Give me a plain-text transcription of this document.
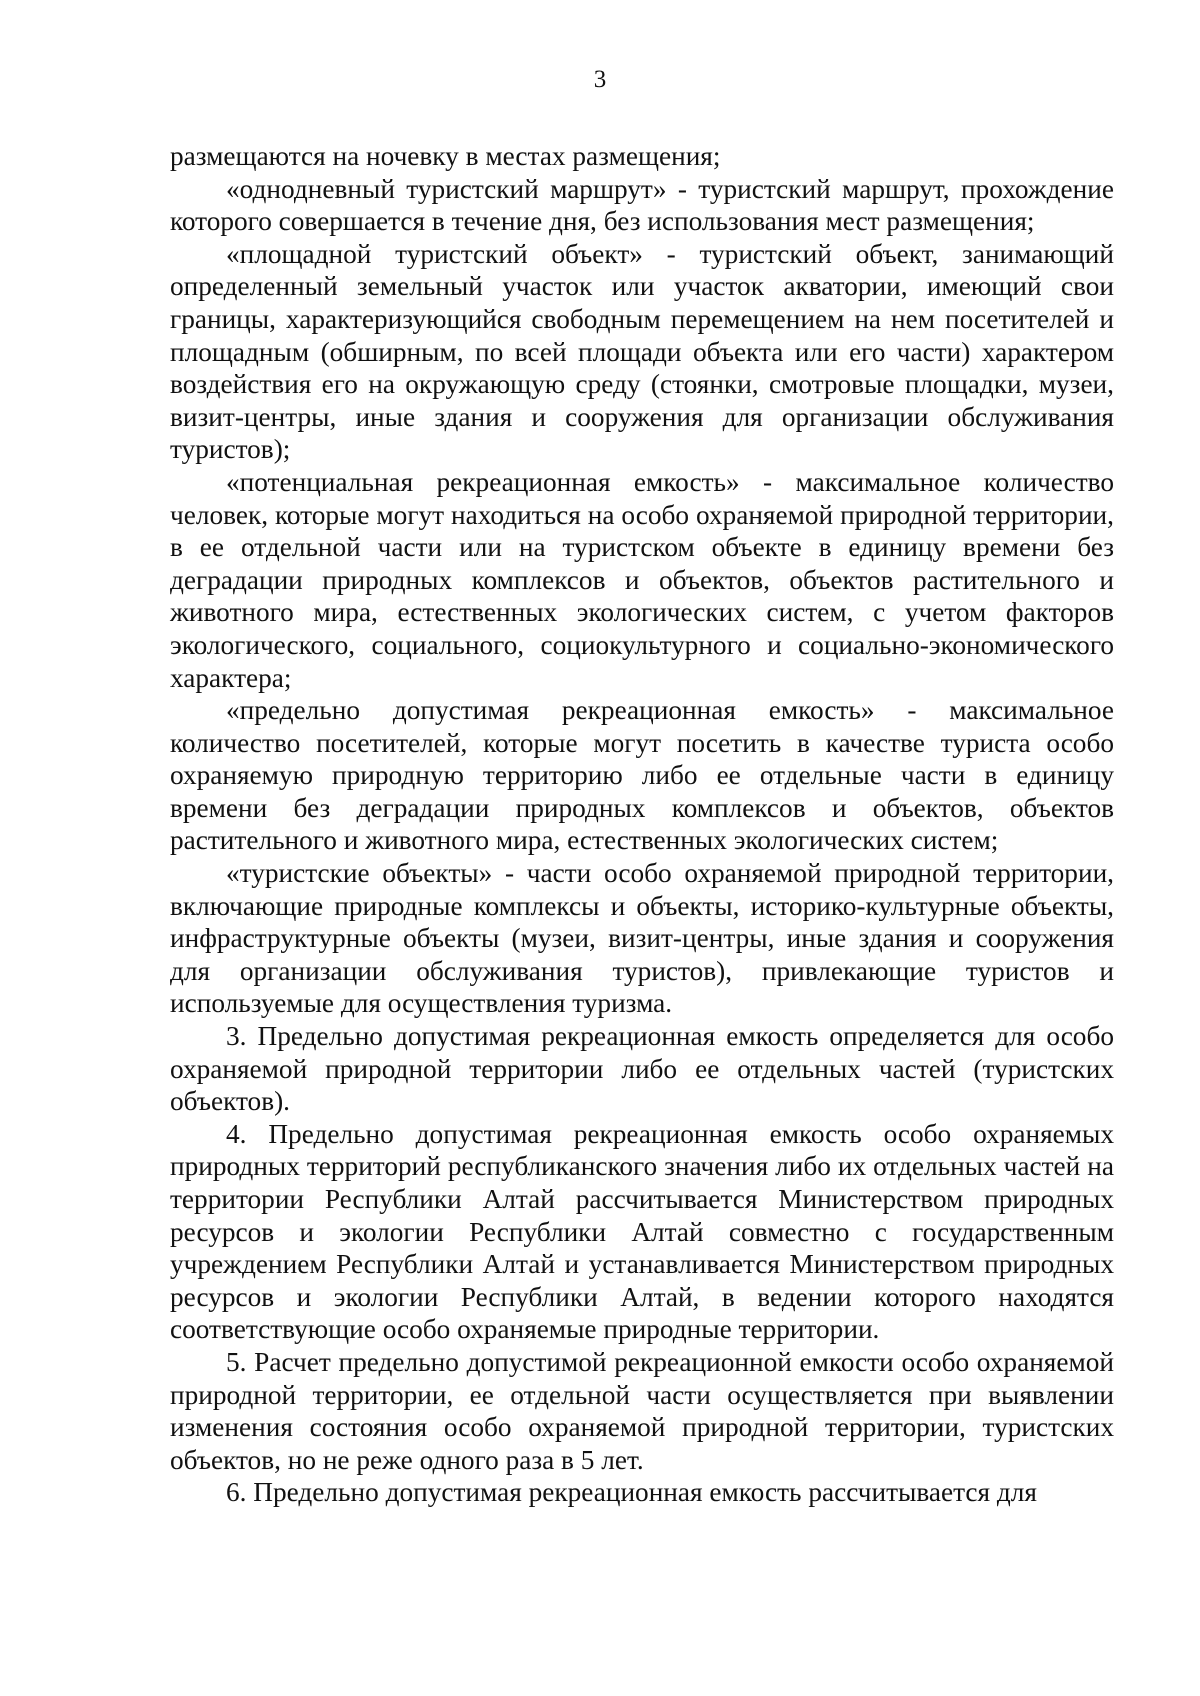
3

размещаются на ночевку в местах размещения;

«однодневный туристский маршрут» - туристский маршрут, прохождение которого совершается в течение дня, без использования мест размещения;

«площадной туристский объект» - туристский объект, занимающий определенный земельный участок или участок акватории, имеющий свои границы, характеризующийся свободным перемещением на нем посетителей и площадным (обширным, по всей площади объекта или его части) характером воздействия его на окружающую среду (стоянки, смотровые площадки, музеи, визит-центры, иные здания и сооружения для организации обслуживания туристов);

«потенциальная рекреационная емкость» - максимальное количество человек, которые могут находиться на особо охраняемой природной территории, в ее отдельной части или на туристском объекте в единицу времени без деградации природных комплексов и объектов, объектов растительного и животного мира, естественных экологических систем, с учетом факторов экологического, социального, социокультурного и социально-экономического характера;

«предельно допустимая рекреационная емкость» - максимальное количество посетителей, которые могут посетить в качестве туриста особо охраняемую природную территорию либо ее отдельные части в единицу времени без деградации природных комплексов и объектов, объектов растительного и животного мира, естественных экологических систем;

«туристские объекты» - части особо охраняемой природной территории, включающие природные комплексы и объекты, историко-культурные объекты, инфраструктурные объекты (музеи, визит-центры, иные здания и сооружения для организации обслуживания туристов), привлекающие туристов и используемые для осуществления туризма.

3. Предельно допустимая рекреационная емкость определяется для особо охраняемой природной территории либо ее отдельных частей (туристских объектов).

4. Предельно допустимая рекреационная емкость особо охраняемых природных территорий республиканского значения либо их отдельных частей на территории Республики Алтай рассчитывается Министерством природных ресурсов и экологии Республики Алтай совместно с государственным учреждением Республики Алтай и устанавливается Министерством природных ресурсов и экологии Республики Алтай, в ведении которого находятся соответствующие особо охраняемые природные территории.

5. Расчет предельно допустимой рекреационной емкости особо охраняемой природной территории, ее отдельной части осуществляется при выявлении изменения состояния особо охраняемой природной территории, туристских объектов, но не реже одного раза в 5 лет.

6. Предельно допустимая рекреационная емкость рассчитывается для
